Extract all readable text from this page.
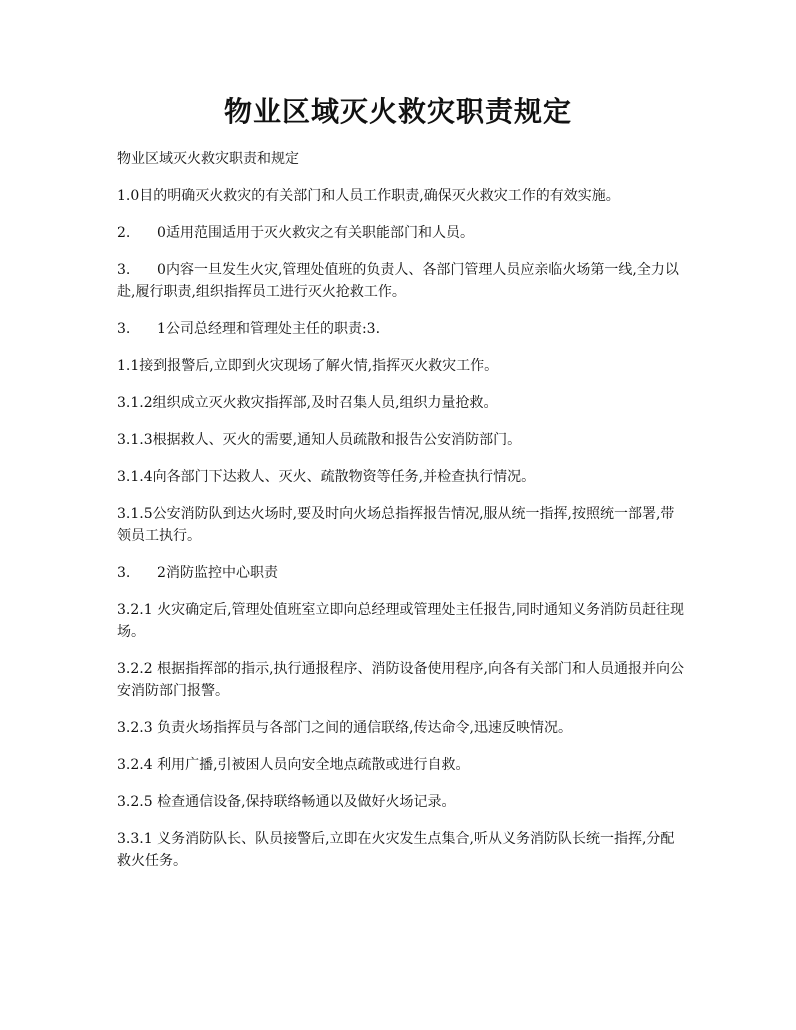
物业区域灭火救灾职责规定

物业区域灭火救灾职责和规定

1.0目的明确灭火救灾的有关部门和人员工作职责,确保灭火救灾工作的有效实施。

2.      0适用范围适用于灭火救灾之有关职能部门和人员。

3.      0内容一旦发生火灾,管理处值班的负责人、各部门管理人员应亲临火场第一线,全力以赴,履行职责,组织指挥员工进行灭火抢救工作。

3.      1公司总经理和管理处主任的职责:3.

1.1接到报警后,立即到火灾现场了解火情,指挥灭火救灾工作。

3.1.2组织成立灭火救灾指挥部,及时召集人员,组织力量抢救。

3.1.3根据救人、灭火的需要,通知人员疏散和报告公安消防部门。

3.1.4向各部门下达救人、灭火、疏散物资等任务,并检查执行情况。

3.1.5公安消防队到达火场时,要及时向火场总指挥报告情况,服从统一指挥,按照统一部署,带领员工执行。

3.      2消防监控中心职责

3.2.1 火灾确定后,管理处值班室立即向总经理或管理处主任报告,同时通知义务消防员赶往现场。

3.2.2 根据指挥部的指示,执行通报程序、消防设备使用程序,向各有关部门和人员通报并向公安消防部门报警。

3.2.3 负责火场指挥员与各部门之间的通信联络,传达命令,迅速反映情况。

3.2.4 利用广播,引被困人员向安全地点疏散或进行自救。

3.2.5 检查通信设备,保持联络畅通以及做好火场记录。

3.3.1 义务消防队长、队员接警后,立即在火灾发生点集合,听从义务消防队长统一指挥,分配救火任务。
